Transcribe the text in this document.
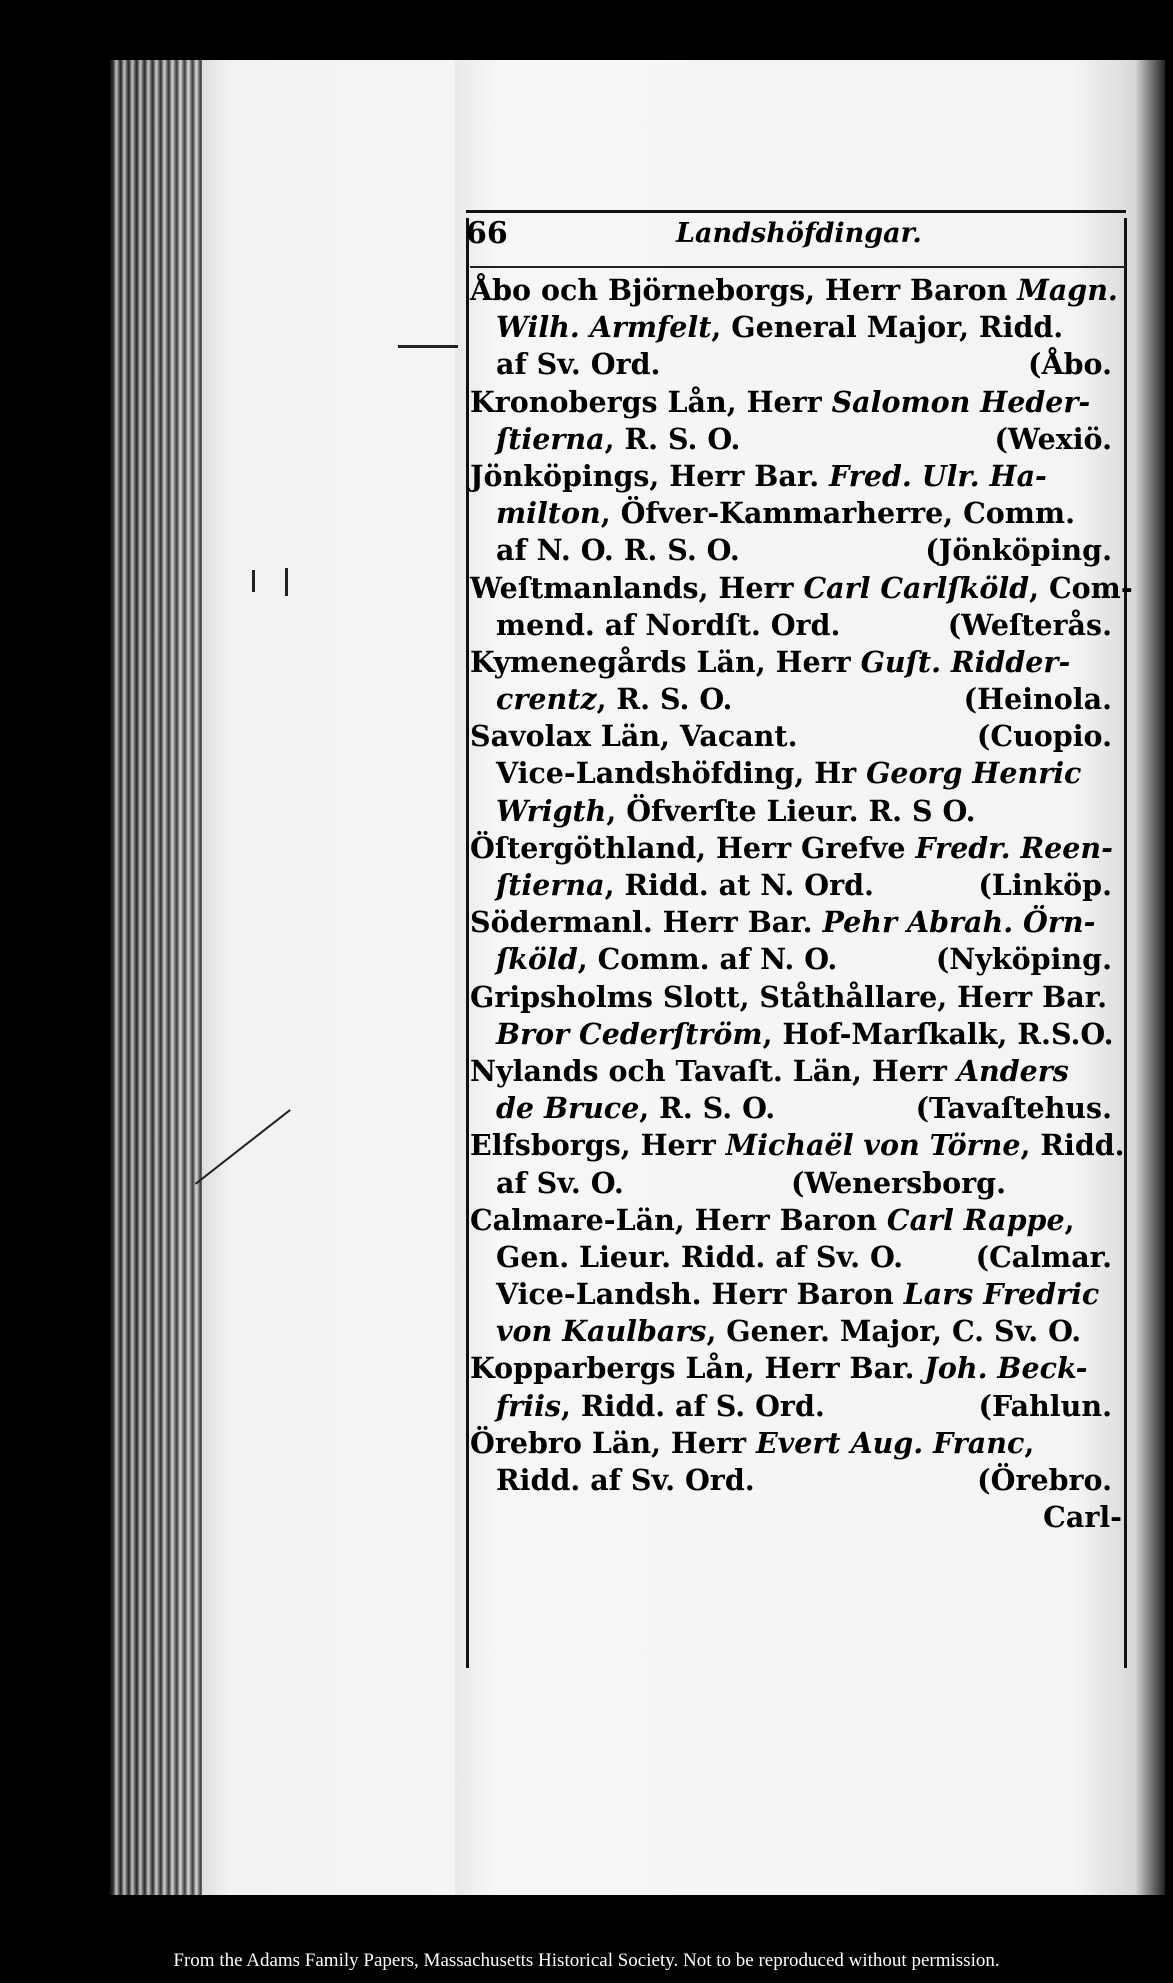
66	Landshöfdingar.
Åbo och Björneborgs, Herr Baron Magn.
Wilh. Armfelt, General Major, Ridd.
af Sv. Ord.	(Åbo.
Kronobergs Lån, Herr Salomon Heder-
ſtierna, R. S. O.	(Wexiö.
Jönköpings, Herr Bar. Fred. Ulr. Ha-
milton, Öfver-Kammarherre, Comm.
af N. O. R. S. O.	(Jönköping.
Weſtmanlands, Herr Carl Carlſköld, Com-
mend. af Nordſt. Ord.	(Weſterås.
Kymenegårds Län, Herr Guſt. Ridder-
crentz, R. S. O.	(Heinola.
Savolax Län, Vacant.	(Cuopio.
Vice-Landshöfding, Hr Georg Henric
Wrigth, Öfverſte Lieur. R. S O.
Öſtergöthland, Herr Grefve Fredr. Reen-
ſtierna, Ridd. at N. Ord.	(Linköp.
Södermanl. Herr Bar. Pehr Abrah. Örn-
ſköld, Comm. af N. O.	(Nyköping.
Gripsholms Slott, Ståthållare, Herr Bar.
Bror Cederſtröm, Hof-Marſkalk, R.S.O.
Nylands och Tavaſt. Län, Herr Anders
de Bruce, R. S. O.	(Tavaſtehus.
Elfsborgs, Herr Michaël von Törne, Ridd.
af Sv. O.	(Wenersborg.
Calmare-Län, Herr Baron Carl Rappe,
Gen. Lieur. Ridd. af Sv. O.	(Calmar.
Vice-Landsh. Herr Baron Lars Fredric
von Kaulbars, Gener. Major, C. Sv. O.
Kopparbergs Lån, Herr Bar. Joh. Beck-
friis, Ridd. af S. Ord.	(Fahlun.
Örebro Län, Herr Evert Aug. Franc,
Ridd. af Sv. Ord.	(Örebro.
Carl-
From the Adams Family Papers, Massachusetts Historical Society. Not to be reproduced without permission.
